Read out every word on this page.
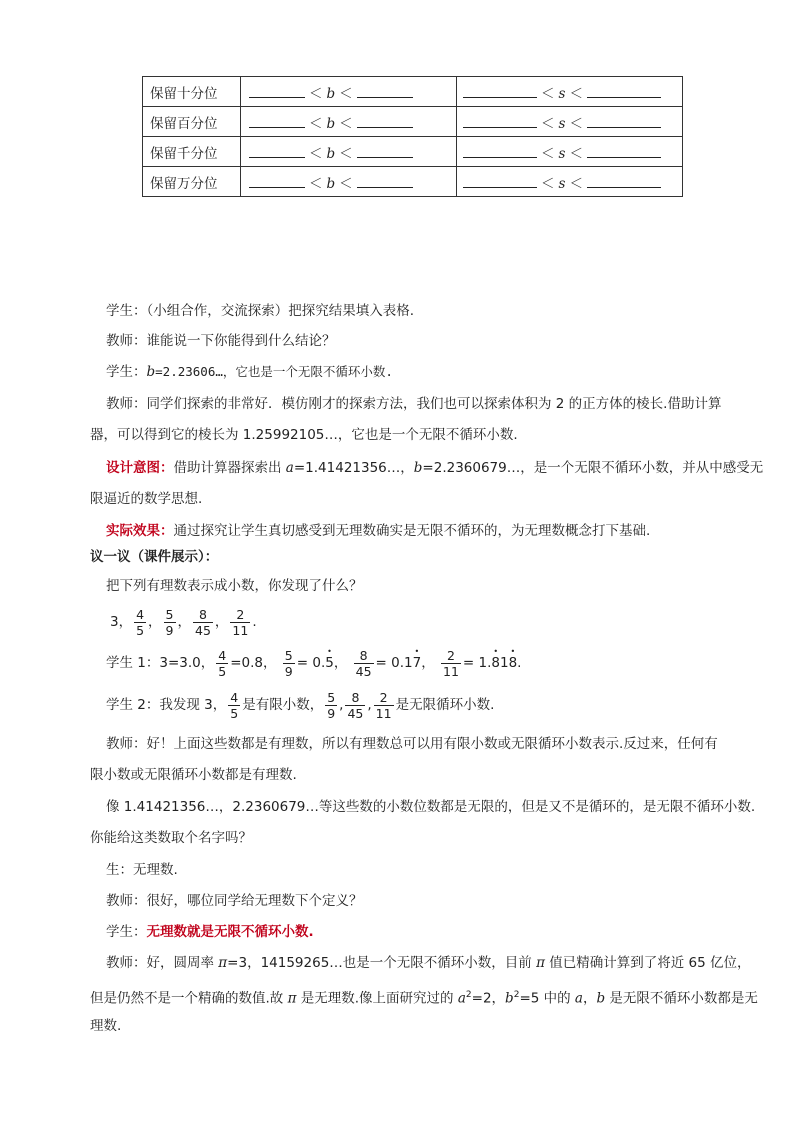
保留十分位	＜ b ＜	＜ s ＜
保留百分位	＜ b ＜	＜ s ＜
保留千分位	＜ b ＜	＜ s ＜
保留万分位	＜ b ＜	＜ s ＜
学生：（小组合作，交流探索）把探究结果填入表格.
教师：谁能说一下你能得到什么结论？
学生：b=2.23606…，它也是一个无限不循环小数.
教师：同学们探索的非常好．模仿刚才的探索方法，我们也可以探索体积为 2 的正方体的棱长.借助计算
器，可以得到它的棱长为 1.25992105…，它也是一个无限不循环小数.
设计意图：借助计算器探索出 a=1.41421356…，b=2.2360679…，是一个无限不循环小数，并从中感受无
限逼近的数学思想.
实际效果：通过探究让学生真切感受到无理数确实是无限不循环的，为无理数概念打下基础.
议一议（课件展示）：
把下列有理数表示成小数，你发现了什么？
3， $\frac{4}{5}$ ， $\frac{5}{9}$ ， $\frac{8}{45}$ ， $\frac{2}{11}$ .
学生 1：3=3.0， $\frac{4}{5} =0.8$， $\frac{5}{9}$ = 0.• 5， $\frac{8}{45}$ = 0.1• 7， $\frac{2}{11}$ = 1.• 81• 8.
学生 2：我发现 3， $\frac{4}{5}$ 是有限小数， $\frac{5}{9}$ , $\frac{8}{45}$ , $\frac{2}{11}$ 是无限循环小数.
教师：好！上面这些数都是有理数，所以有理数总可以用有限小数或无限循环小数表示.反过来，任何有
限小数或无限循环小数都是有理数.
像 1.41421356…，2.2360679…等这些数的小数位数都是无限的，但是又不是循环的，是无限不循环小数.
你能给这类数取个名字吗？
生：无理数.
教师：很好，哪位同学给无理数下个定义？
学生：无理数就是无限不循环小数.
教师：好，圆周率 π=3，14159265…也是一个无限不循环小数，目前 π 值已精确计算到了将近 65 亿位，
但是仍然不是一个精确的数值.故 π 是无理数.像上面研究过的 $a^2=2$，$b^2=5$ 中的 a，b 是无限不循环小数都是无
理数.
